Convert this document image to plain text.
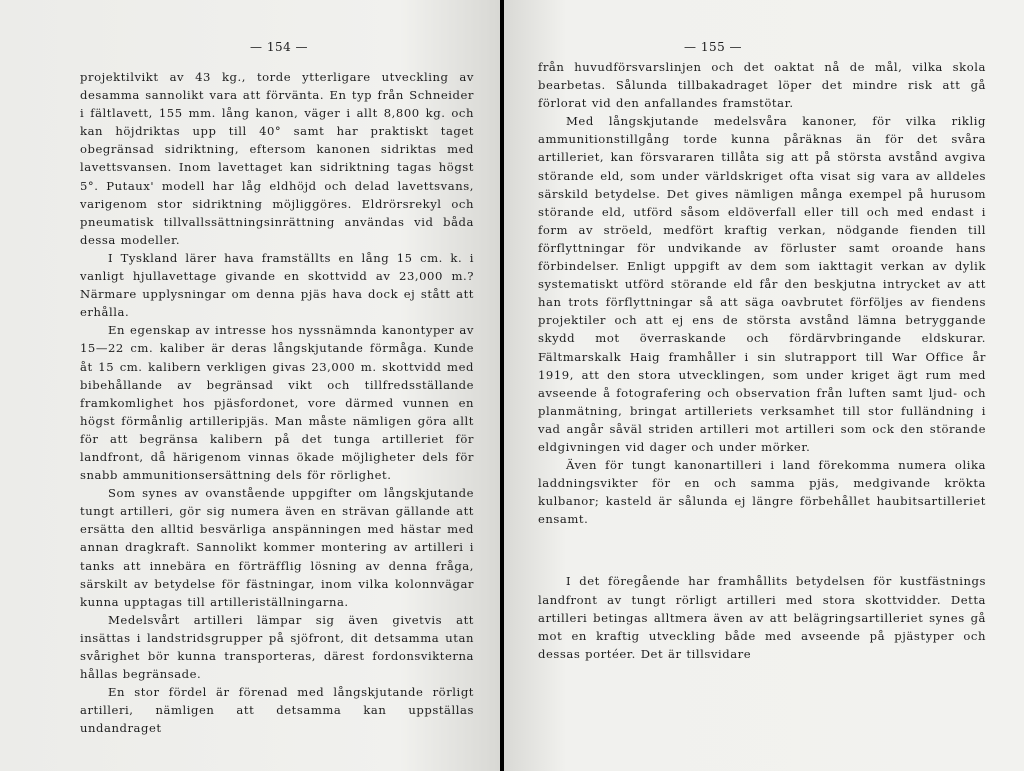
— 154 —

projektilvikt av 43 kg., torde ytterligare utveckling av desamma sannolikt vara att förvänta. En typ från Schneider i fältlavett, 155 mm. lång kanon, väger i allt 8,800 kg. och kan höjdriktas upp till 40° samt har praktiskt taget obegränsad sidriktning, eftersom kanonen sidriktas med lavettsvansen. Inom lavettaget kan sidriktning tagas högst 5°. Putaux' modell har låg eldhöjd och delad lavettsvans, varigenom stor sidriktning möjliggöres. Eldrörsrekyl och pneumatisk tillvallssättningsinrättning användas vid båda dessa modeller.

I Tyskland lärer hava framställts en lång 15 cm. k. i vanligt hjullavettage givande en skottvidd av 23,000 m.? Närmare upplysningar om denna pjäs hava dock ej stått att erhålla.

En egenskap av intresse hos nyssnämnda kanontyper av 15—22 cm. kaliber är deras långskjutande förmåga. Kunde åt 15 cm. kalibern verkligen givas 23,000 m. skottvidd med bibehållande av begränsad vikt och tillfredsställande framkomlighet hos pjäsfordonet, vore därmed vunnen en högst förmånlig artilleripjäs. Man måste nämligen göra allt för att begränsa kalibern på det tunga artilleriet för landfront, då härigenom vinnas ökade möjligheter dels för snabb ammunitionsersättning dels för rörlighet.

Som synes av ovanstående uppgifter om långskjutande tungt artilleri, gör sig numera även en strävan gällande att ersätta den alltid besvärliga anspänningen med hästar med annan dragkraft. Sannolikt kommer montering av artilleri i tanks att innebära en förträfflig lösning av denna fråga, särskilt av betydelse för fästningar, inom vilka kolonnvägar kunna upptagas till artilleriställningarna.

Medelsvårt artilleri lämpar sig även givetvis att insättas i landstridsgrupper på sjöfront, dit detsamma utan svårighet bör kunna transporteras, därest fordonsvikterna hållas begränsade.

En stor fördel är förenad med långskjutande rörligt artilleri, nämligen att detsamma kan uppställas undandraget

— 155 —

från huvudförsvarslinjen och det oaktat nå de mål, vilka skola bearbetas. Sålunda tillbakadraget löper det mindre risk att gå förlorat vid den anfallandes framstötar.

Med långskjutande medelsvåra kanoner, för vilka riklig ammunitionstillgång torde kunna påräknas än för det svåra artilleriet, kan försvararen tillåta sig att på största avstånd avgiva störande eld, som under världskriget ofta visat sig vara av alldeles särskild betydelse. Det gives nämligen många exempel på hurusom störande eld, utförd såsom eldöverfall eller till och med endast i form av ströeld, medfört kraftig verkan, nödgande fienden till förflyttningar för undvikande av förluster samt oroande hans förbindelser. Enligt uppgift av dem som iakttagit verkan av dylik systematiskt utförd störande eld får den beskjutna intrycket av att han trots förflyttningar så att säga oavbrutet förföljes av fiendens projektiler och att ej ens de största avstånd lämna betryggande skydd mot överraskande och fördärvbringande eldskurar. Fältmarskalk Haig framhåller i sin slutrapport till War Office år 1919, att den stora utvecklingen, som under kriget ägt rum med avseende å fotografering och observation från luften samt ljud- och planmätning, bringat artilleriets verksamhet till stor fulländning i vad angår såväl striden artilleri mot artilleri som ock den störande eldgivningen vid dager och under mörker.

Även för tungt kanonartilleri i land förekomma numera olika laddningsvikter för en och samma pjäs, medgivande krökta kulbanor; kasteld är sålunda ej längre förbehållet haubitsartilleriet ensamt.

I det föregående har framhållits betydelsen för kustfästnings landfront av tungt rörligt artilleri med stora skottvidder. Detta artilleri betingas alltmera även av att belägringsartilleriet synes gå mot en kraftig utveckling både med avseende på pjästyper och dessas portéer. Det är tillsvidare
